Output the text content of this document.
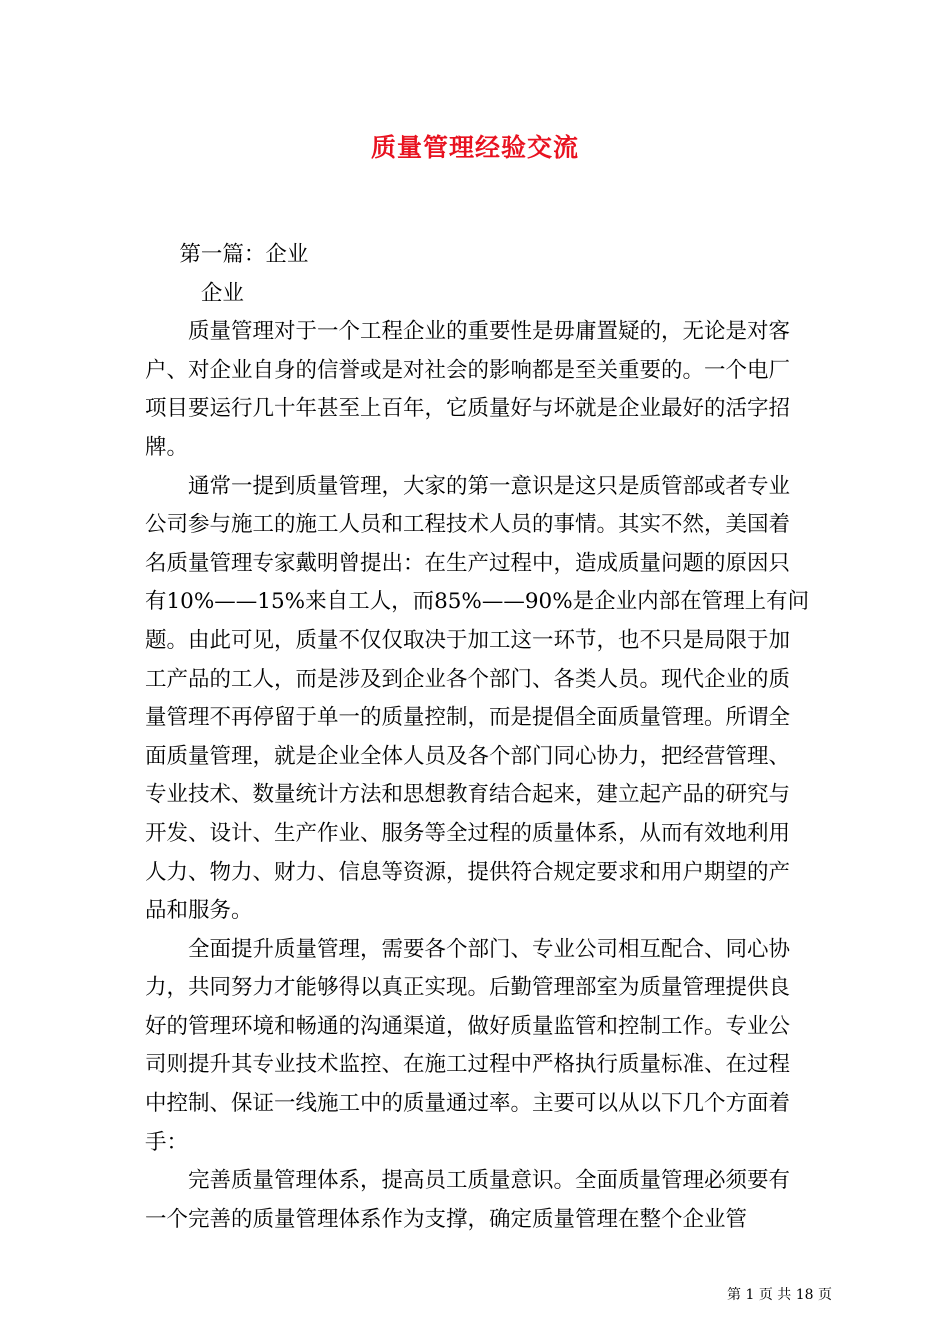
质量管理经验交流

第一篇：企业

企业

质量管理对于一个工程企业的重要性是毋庸置疑的，无论是对客户、对企业自身的信誉或是对社会的影响都是至关重要的。一个电厂项目要运行几十年甚至上百年，它质量好与坏就是企业最好的活字招牌。

通常一提到质量管理，大家的第一意识是这只是质管部或者专业公司参与施工的施工人员和工程技术人员的事情。其实不然，美国着名质量管理专家戴明曾提出：在生产过程中，造成质量问题的原因只有10%——15%来自工人，而85%——90%是企业内部在管理上有问题。由此可见，质量不仅仅取决于加工这一环节，也不只是局限于加工产品的工人，而是涉及到企业各个部门、各类人员。现代企业的质量管理不再停留于单一的质量控制，而是提倡全面质量管理。所谓全面质量管理，就是企业全体人员及各个部门同心协力，把经营管理、专业技术、数量统计方法和思想教育结合起来，建立起产品的研究与开发、设计、生产作业、服务等全过程的质量体系，从而有效地利用人力、物力、财力、信息等资源，提供符合规定要求和用户期望的产品和服务。

全面提升质量管理，需要各个部门、专业公司相互配合、同心协力，共同努力才能够得以真正实现。后勤管理部室为质量管理提供良好的管理环境和畅通的沟通渠道，做好质量监管和控制工作。专业公司则提升其专业技术监控、在施工过程中严格执行质量标准、在过程中控制、保证一线施工中的质量通过率。主要可以从以下几个方面着手：

完善质量管理体系，提高员工质量意识。全面质量管理必须要有一个完善的质量管理体系作为支撑，确定质量管理在整个企业管

第 1 页 共 18 页
